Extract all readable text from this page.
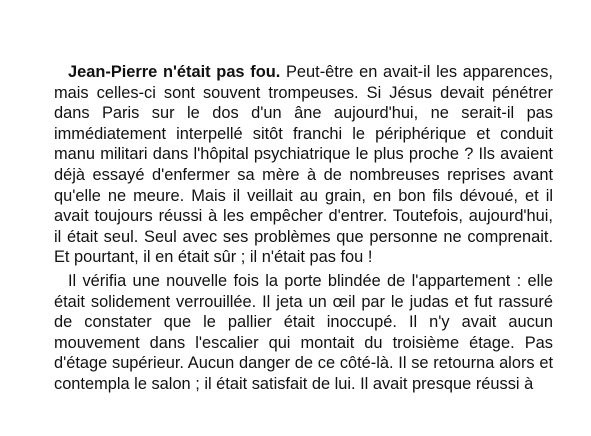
Jean-Pierre n'était pas fou. Peut-être en avait-il les apparences, mais celles-ci sont souvent trompeuses. Si Jésus devait pénétrer dans Paris sur le dos d'un âne aujourd'hui, ne serait-il pas immédiatement interpellé sitôt franchi le périphérique et conduit manu militari dans l'hôpital psychiatrique le plus proche ? Ils avaient déjà essayé d'enfermer sa mère à de nombreuses reprises avant qu'elle ne meure. Mais il veillait au grain, en bon fils dévoué, et il avait toujours réussi à les empêcher d'entrer. Toutefois, aujourd'hui, il était seul. Seul avec ses problèmes que personne ne comprenait. Et pourtant, il en était sûr ; il n'était pas fou !

Il vérifia une nouvelle fois la porte blindée de l'appartement : elle était solidement verrouillée. Il jeta un œil par le judas et fut rassuré de constater que le pallier était inoccupé. Il n'y avait aucun mouvement dans l'escalier qui montait du troisième étage. Pas d'étage supérieur. Aucun danger de ce côté-là. Il se retourna alors et contempla le salon ; il était satisfait de lui. Il avait presque réussi à
